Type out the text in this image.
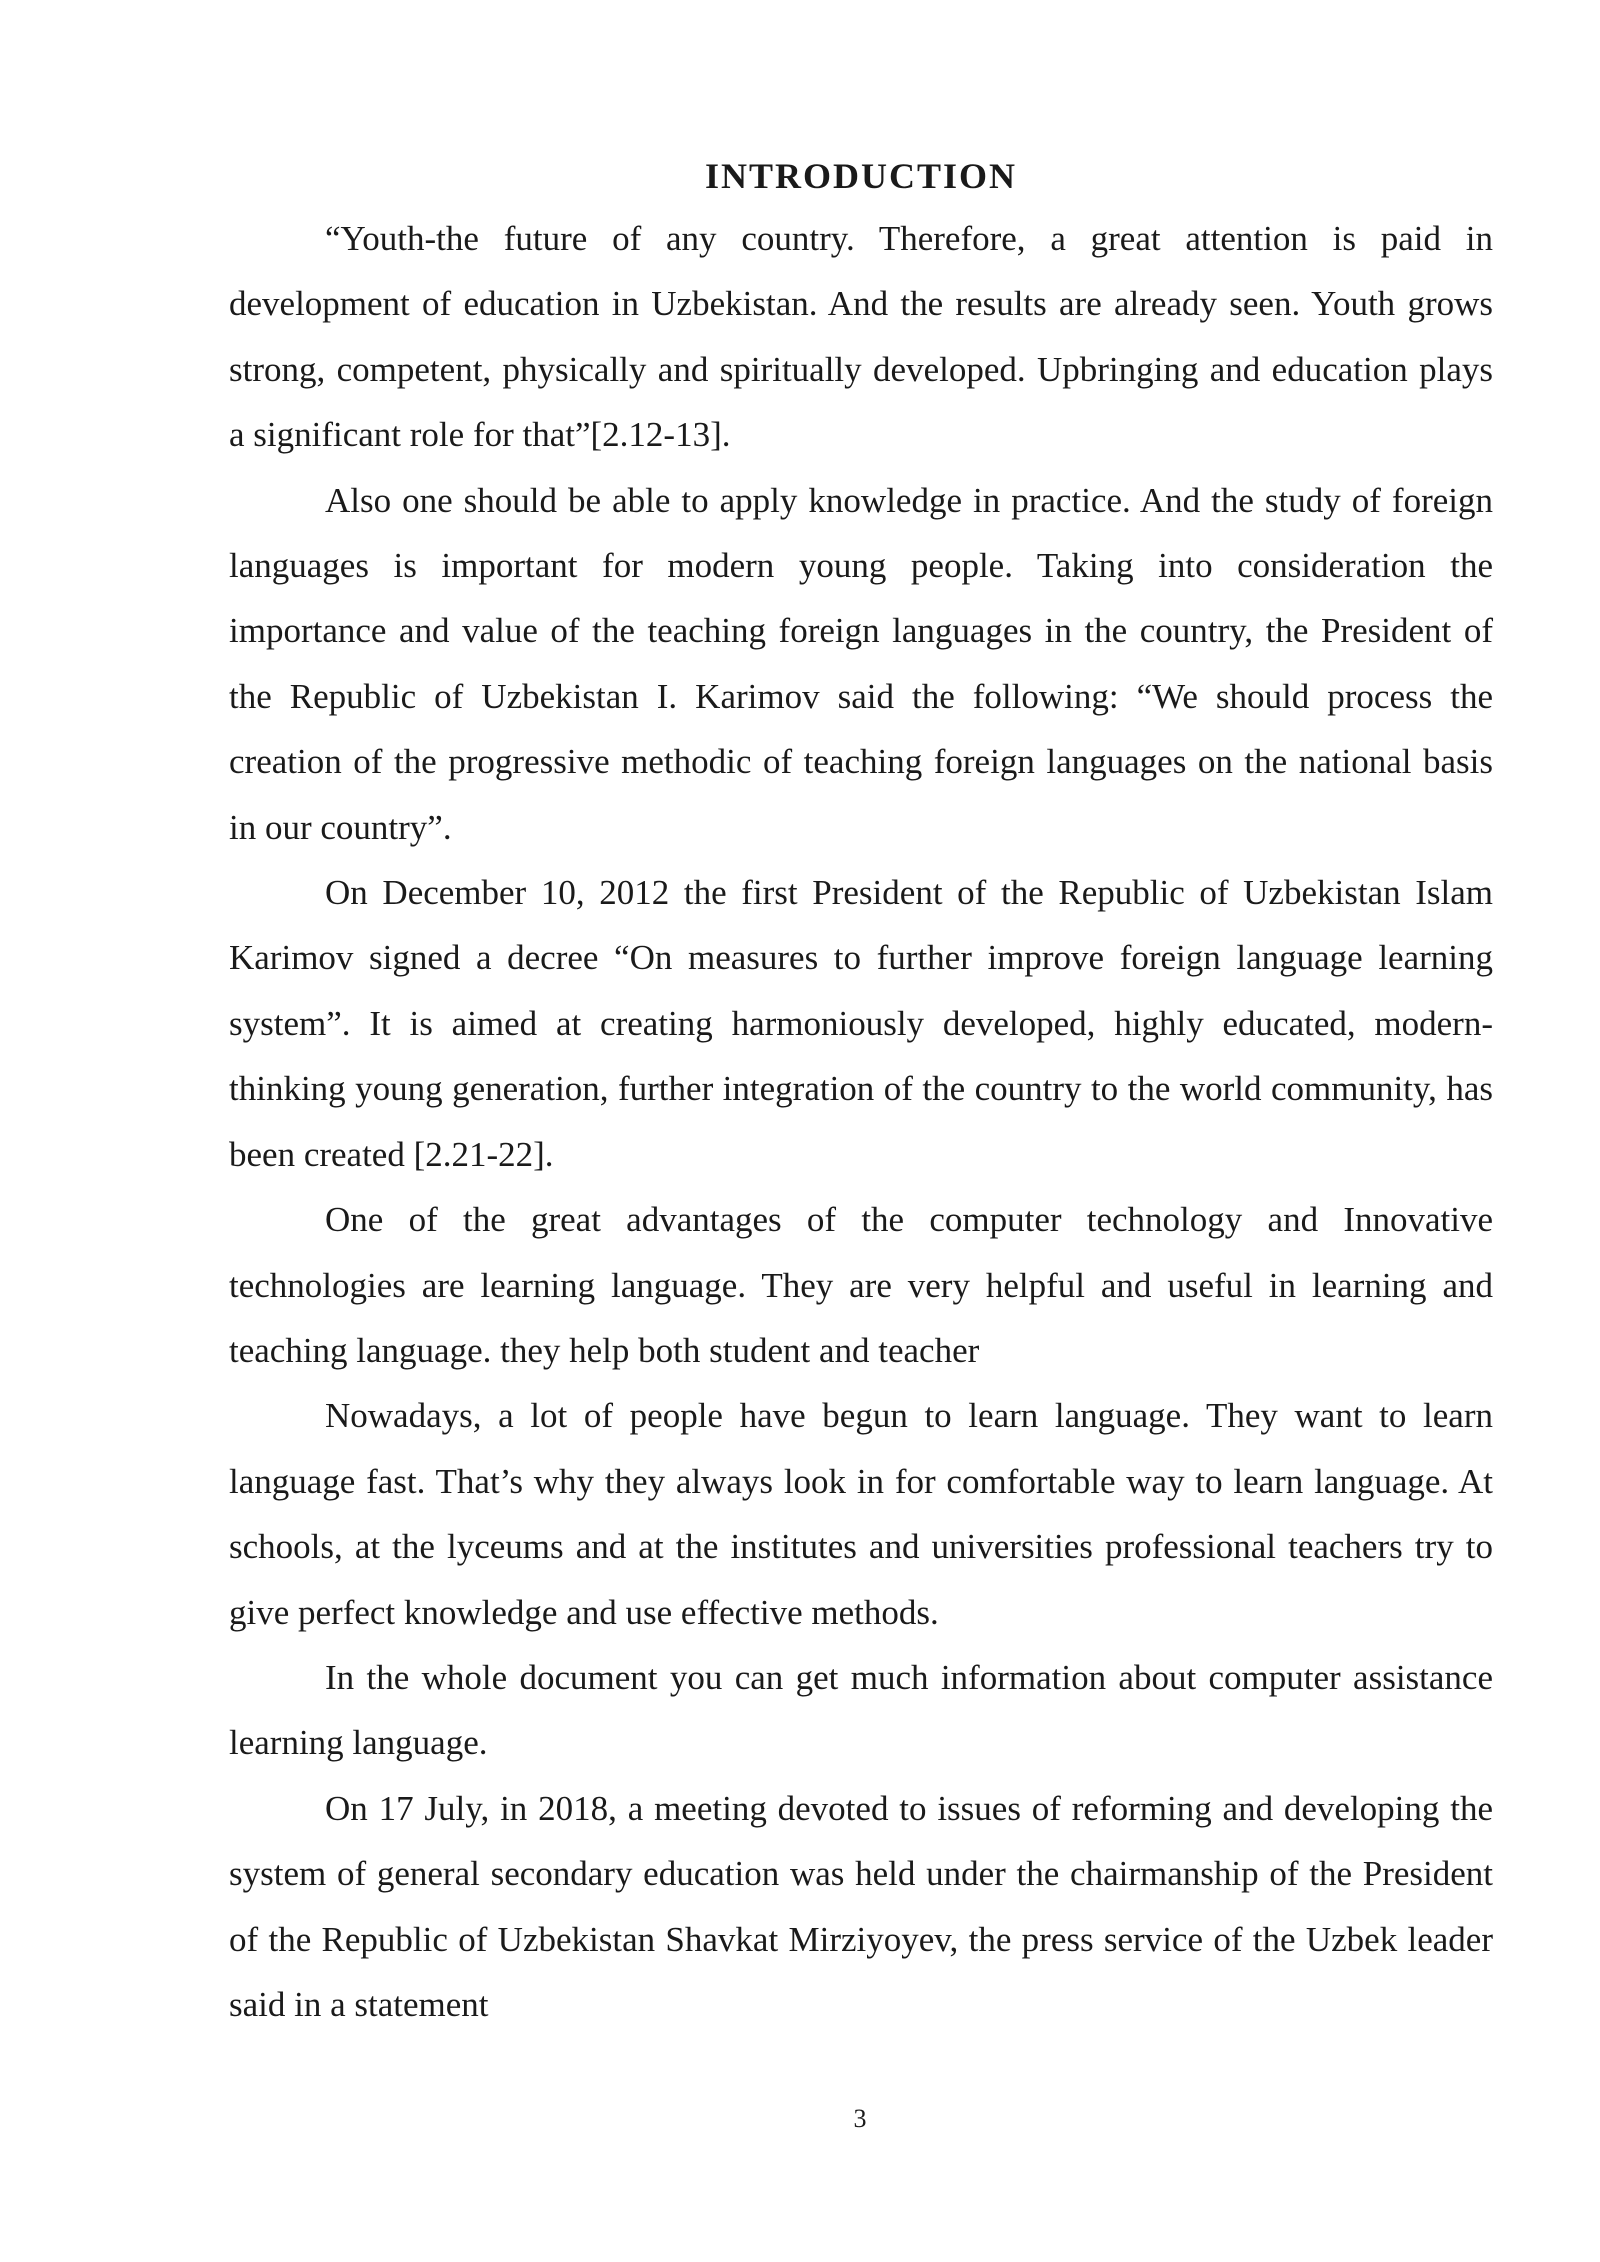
INTRODUCTION

“Youth-the future of any country. Therefore, a great attention is paid in development of education in Uzbekistan. And the results are already seen. Youth grows strong, competent, physically and spiritually developed. Upbringing and education plays a significant role for that”[2.12-13].

Also one should be able to apply knowledge in practice. And the study of foreign languages is important for modern young people. Taking into consideration the importance and value of the teaching foreign languages in the country, the President of the Republic of Uzbekistan I. Karimov said the following: “We should process the creation of the progressive methodic of teaching foreign languages on the national basis in our country”.

On December 10, 2012 the first President of the Republic of Uzbekistan Islam Karimov signed a decree “On measures to further improve foreign language learning system”. It is aimed at creating harmoniously developed, highly educated, modern-thinking young generation, further integration of the country to the world community, has been created [2.21-22].

One of the great advantages of the computer technology and Innovative technologies are learning language. They are very helpful and useful in learning and teaching language. they help both student and teacher

Nowadays, a lot of people have begun to learn language. They want to learn language fast. That’s why they always look in for comfortable way to learn language. At schools, at the lyceums and at the institutes and universities professional teachers try to give perfect knowledge and use effective methods.

In the whole document you can get much information about computer assistance learning language.

On 17 July, in 2018, a meeting devoted to issues of reforming and developing the system of general secondary education was held under the chairmanship of the President of the Republic of Uzbekistan Shavkat Mirziyoyev, the press service of the Uzbek leader said in a statement

3
